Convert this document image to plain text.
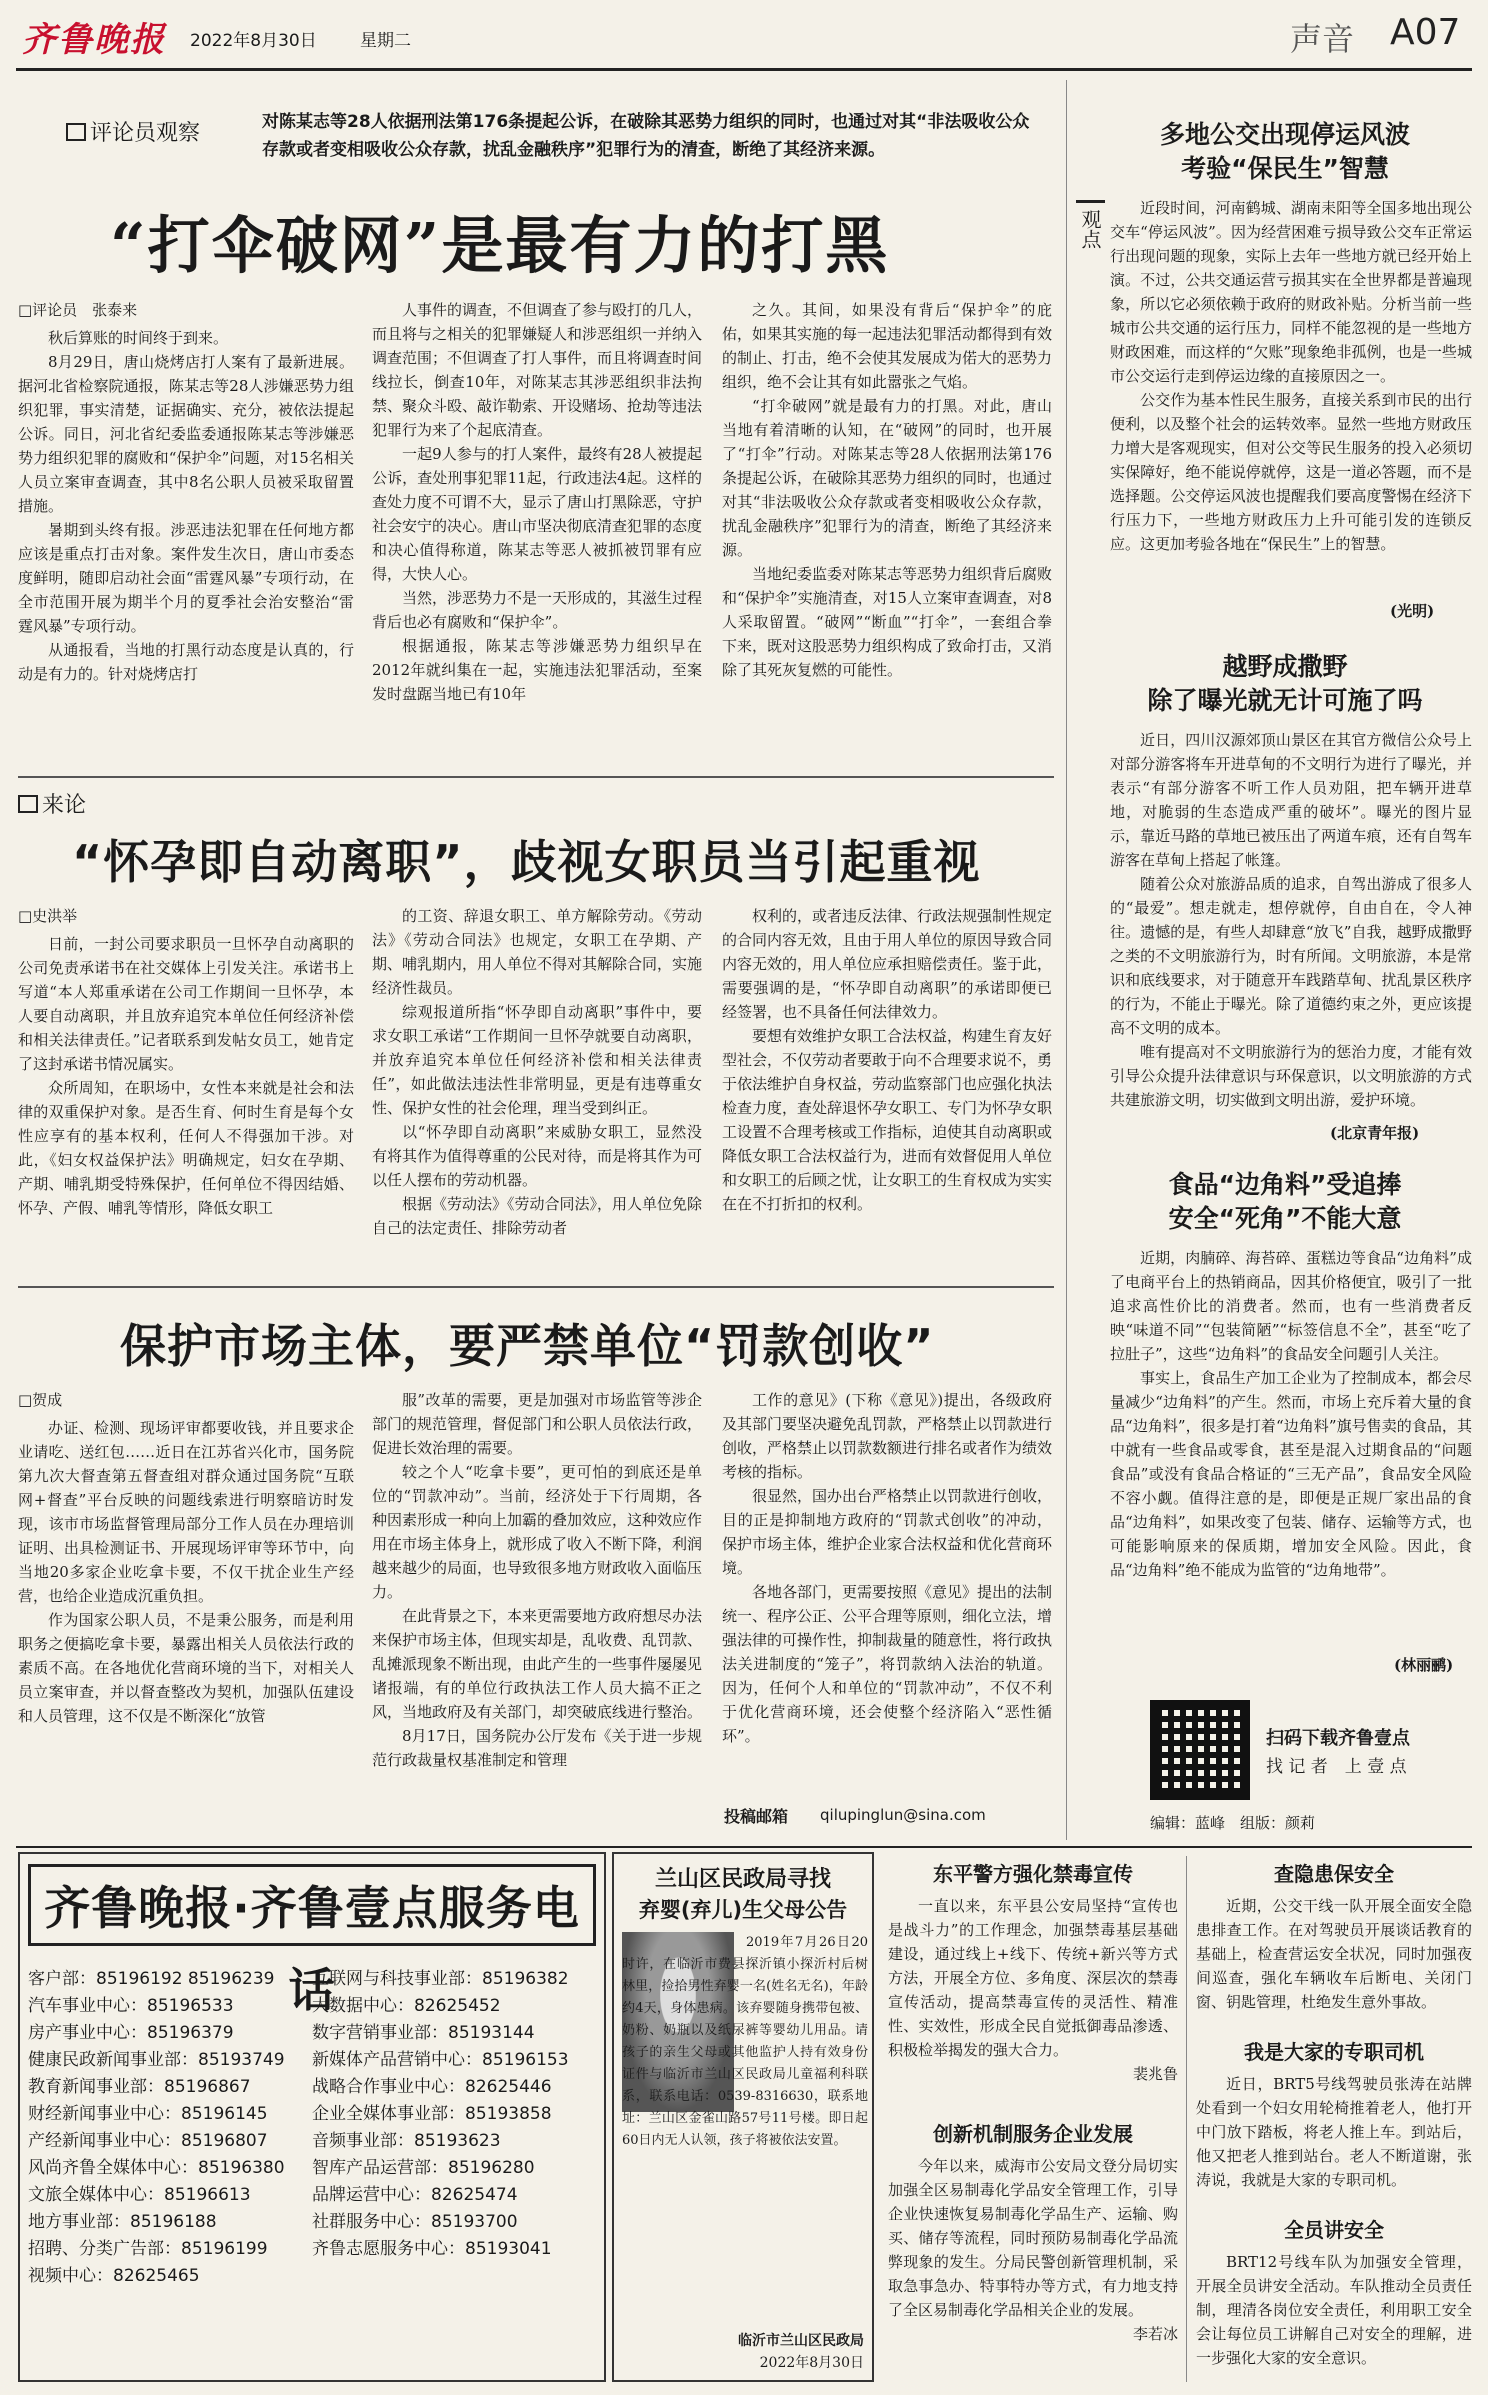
齐鲁晚报 2022年8月30日	星期二	声音 A07
评论员观察	对陈某志等28人依据刑法第176条提起公诉，在破除其恶势力组织的同时，也通过对其“非法吸收公众存款或者变相吸收公众存款，扰乱金融秩序”犯罪行为的清查，断绝了其经济来源。
“打伞破网”是最有力的打黑

□评论员　张泰来

秋后算账的时间终于到来。

8月29日，唐山烧烤店打人案有了最新进展。据河北省检察院通报，陈某志等28人涉嫌恶势力组织犯罪，事实清楚，证据确实、充分，被依法提起公诉。同日，河北省纪委监委通报陈某志等涉嫌恶势力组织犯罪的腐败和“保护伞”问题，对15名相关人员立案审查调查，其中8名公职人员被采取留置措施。

暑期到头终有报。涉恶违法犯罪在任何地方都应该是重点打击对象。案件发生次日，唐山市委态度鲜明，随即启动社会面“雷霆风暴”专项行动，在全市范围开展为期半个月的夏季社会治安整治“雷霆风暴”专项行动。

从通报看，当地的打黑行动态度是认真的，行动是有力的。针对烧烤店打

人事件的调查，不但调查了参与殴打的几人，而且将与之相关的犯罪嫌疑人和涉恶组织一并纳入调查范围；不但调查了打人事件，而且将调查时间线拉长，倒查10年，对陈某志其涉恶组织非法拘禁、聚众斗殴、敲诈勒索、开设赌场、抢劫等违法犯罪行为来了个起底清查。

一起9人参与的打人案件，最终有28人被提起公诉，查处刑事犯罪11起，行政违法4起。这样的查处力度不可谓不大，显示了唐山打黑除恶，守护社会安宁的决心。唐山市坚决彻底清查犯罪的态度和决心值得称道，陈某志等恶人被抓被罚罪有应得，大快人心。

当然，涉恶势力不是一天形成的，其滋生过程背后也必有腐败和“保护伞”。

根据通报，陈某志等涉嫌恶势力组织早在2012年就纠集在一起，实施违法犯罪活动，至案发时盘踞当地已有10年

之久。其间，如果没有背后“保护伞”的庇佑，如果其实施的每一起违法犯罪活动都得到有效的制止、打击，绝不会使其发展成为偌大的恶势力组织，绝不会让其有如此嚣张之气焰。

“打伞破网”就是最有力的打黑。对此，唐山当地有着清晰的认知，在“破网”的同时，也开展了“打伞”行动。对陈某志等28人依据刑法第176条提起公诉，在破除其恶势力组织的同时，也通过对其“非法吸收公众存款或者变相吸收公众存款，扰乱金融秩序”犯罪行为的清查，断绝了其经济来源。

当地纪委监委对陈某志等恶势力组织背后腐败和“保护伞”实施清查，对15人立案审查调查，对8人采取留置。“破网”“断血”“打伞”，一套组合拳下来，既对这股恶势力组织构成了致命打击，又消除了其死灰复燃的可能性。

来论
“怀孕即自动离职”，歧视女职员当引起重视

□史洪举

日前，一封公司要求职员一旦怀孕自动离职的公司免责承诺书在社交媒体上引发关注。承诺书上写道“本人郑重承诺在公司工作期间一旦怀孕，本人要自动离职，并且放弃追究本单位任何经济补偿和相关法律责任。”记者联系到发帖女员工，她肯定了这封承诺书情况属实。

众所周知，在职场中，女性本来就是社会和法律的双重保护对象。是否生育、何时生育是每个女性应享有的基本权利，任何人不得强加干涉。对此，《妇女权益保护法》明确规定，妇女在孕期、产期、哺乳期受特殊保护，任何单位不得因结婚、怀孕、产假、哺乳等情形，降低女职工

的工资、辞退女职工、单方解除劳动。《劳动法》《劳动合同法》也规定，女职工在孕期、产期、哺乳期内，用人单位不得对其解除合同，实施经济性裁员。

综观报道所指“怀孕即自动离职”事件中，要求女职工承诺“工作期间一旦怀孕就要自动离职，并放弃追究本单位任何经济补偿和相关法律责任”，如此做法违法性非常明显，更是有违尊重女性、保护女性的社会伦理，理当受到纠正。

以“怀孕即自动离职”来威胁女职工，显然没有将其作为值得尊重的公民对待，而是将其作为可以任人摆布的劳动机器。

根据《劳动法》《劳动合同法》，用人单位免除自己的法定责任、排除劳动者

权利的，或者违反法律、行政法规强制性规定的合同内容无效，且由于用人单位的原因导致合同内容无效的，用人单位应承担赔偿责任。鉴于此，需要强调的是，“怀孕即自动离职”的承诺即便已经签署，也不具备任何法律效力。

要想有效维护女职工合法权益，构建生育友好型社会，不仅劳动者要敢于向不合理要求说不，勇于依法维护自身权益，劳动监察部门也应强化执法检查力度，查处辞退怀孕女职工、专门为怀孕女职工设置不合理考核或工作指标，迫使其自动离职或降低女职工合法权益行为，进而有效督促用人单位和女职工的后顾之忧，让女职工的生育权成为实实在在不打折扣的权利。

保护市场主体，要严禁单位“罚款创收”

□贺成

办证、检测、现场评审都要收钱，并且要求企业请吃、送红包……近日在江苏省兴化市，国务院第九次大督查第五督查组对群众通过国务院“互联网+督查”平台反映的问题线索进行明察暗访时发现，该市市场监督管理局部分工作人员在办理培训证明、出具检测证书、开展现场评审等环节中，向当地20多家企业吃拿卡要，不仅干扰企业生产经营，也给企业造成沉重负担。

作为国家公职人员，不是秉公服务，而是利用职务之便搞吃拿卡要，暴露出相关人员依法行政的素质不高。在各地优化营商环境的当下，对相关人员立案审查，并以督查整改为契机，加强队伍建设和人员管理，这不仅是不断深化“放管

服”改革的需要，更是加强对市场监管等涉企部门的规范管理，督促部门和公职人员依法行政，促进长效治理的需要。

较之个人“吃拿卡要”，更可怕的到底还是单位的“罚款冲动”。当前，经济处于下行周期，各种因素形成一种向上加霸的叠加效应，这种效应作用在市场主体身上，就形成了收入不断下降，利润越来越少的局面，也导致很多地方财政收入面临压力。

在此背景之下，本来更需要地方政府想尽办法来保护市场主体，但现实却是，乱收费、乱罚款、乱摊派现象不断出现，由此产生的一些事件屡屡见诸报端，有的单位行政执法工作人员大搞不正之风，当地政府及有关部门，却突破底线进行整治。

8月17日，国务院办公厅发布《关于进一步规范行政裁量权基准制定和管理

工作的意见》(下称《意见》)提出，各级政府及其部门要坚决避免乱罚款，严格禁止以罚款进行创收，严格禁止以罚款数额进行排名或者作为绩效考核的指标。

很显然，国办出台严格禁止以罚款进行创收，目的正是抑制地方政府的“罚款式创收”的冲动，保护市场主体，维护企业家合法权益和优化营商环境。

各地各部门，更需要按照《意见》提出的法制统一、程序公正、公平合理等原则，细化立法，增强法律的可操作性，抑制裁量的随意性，将行政执法关进制度的“笼子”，将罚款纳入法治的轨道。因为，任何个人和单位的“罚款冲动”，不仅不利于优化营商环境，还会使整个经济陷入“恶性循环”。

投稿邮箱 qilupinglun@sina.com
观点
多地公交出现停运风波
考验“保民生”智慧

近段时间，河南鹤城、湖南耒阳等全国多地出现公交车“停运风波”。因为经营困难亏损导致公交车正常运行出现问题的现象，实际上去年一些地方就已经开始上演。不过，公共交通运营亏损其实在全世界都是普遍现象，所以它必须依赖于政府的财政补贴。分析当前一些城市公共交通的运行压力，同样不能忽视的是一些地方财政困难，而这样的“欠账”现象绝非孤例，也是一些城市公交运行走到停运边缘的直接原因之一。

公交作为基本性民生服务，直接关系到市民的出行便利，以及整个社会的运转效率。显然一些地方财政压力增大是客观现实，但对公交等民生服务的投入必须切实保障好，绝不能说停就停，这是一道必答题，而不是选择题。公交停运风波也提醒我们要高度警惕在经济下行压力下，一些地方财政压力上升可能引发的连锁反应。这更加考验各地在“保民生”上的智慧。

(光明)
越野成撒野
除了曝光就无计可施了吗

近日，四川汉源郊顶山景区在其官方微信公众号上对部分游客将车开进草甸的不文明行为进行了曝光，并表示“有部分游客不听工作人员劝阻，把车辆开进草地，对脆弱的生态造成严重的破坏”。曝光的图片显示，靠近马路的草地已被压出了两道车痕，还有自驾车游客在草甸上搭起了帐篷。

随着公众对旅游品质的追求，自驾出游成了很多人的“最爱”。想走就走，想停就停，自由自在，令人神往。遗憾的是，有些人却肆意“放飞”自我，越野成撒野之类的不文明旅游行为，时有所闻。文明旅游，本是常识和底线要求，对于随意开车践踏草甸、扰乱景区秩序的行为，不能止于曝光。除了道德约束之外，更应该提高不文明的成本。

唯有提高对不文明旅游行为的惩治力度，才能有效引导公众提升法律意识与环保意识，以文明旅游的方式共建旅游文明，切实做到文明出游，爱护环境。

(北京青年报)
食品“边角料”受追捧
安全“死角”不能大意

近期，肉腩碎、海苔碎、蛋糕边等食品“边角料”成了电商平台上的热销商品，因其价格便宜，吸引了一批追求高性价比的消费者。然而，也有一些消费者反映“味道不同”“包装简陋”“标签信息不全”，甚至“吃了拉肚子”，这些“边角料”的食品安全问题引人关注。

事实上，食品生产加工企业为了控制成本，都会尽量减少“边角料”的产生。然而，市场上充斥着大量的食品“边角料”，很多是打着“边角料”旗号售卖的食品，其中就有一些食品或零食，甚至是混入过期食品的“问题食品”或没有食品合格证的“三无产品”，食品安全风险不容小觑。值得注意的是，即便是正规厂家出品的食品“边角料”，如果改变了包装、储存、运输等方式，也可能影响原来的保质期，增加安全风险。因此，食品“边角料”绝不能成为监管的“边角地带”。

(林丽鹂)
扫码下载齐鲁壹点
找 记 者　上 壹 点
编辑：蓝峰　组版：颜莉
齐鲁晚报·齐鲁壹点服务电话
客户部：85196192 85196239
汽车事业中心：85196533
房产事业中心：85196379
健康民政新闻事业部：85193749
教育新闻事业部：85196867
财经新闻事业中心：85196145
产经新闻事业中心：85196807
风尚齐鲁全媒体中心：85196380
文旅全媒体中心：85196613
地方事业部：85196188
招聘、分类广告部：85196199
视频中心：82625465
互联网与科技事业部：85196382
大数据中心：82625452
数字营销事业部：85193144
新媒体产品营销中心：85196153
战略合作事业中心：82625446
企业全媒体事业部：85193858
音频事业部：85193623
智库产品运营部：85196280
品牌运营中心：82625474
社群服务中心：85193700
齐鲁志愿服务中心：85193041
兰山区民政局寻找
弃婴(弃儿)生父母公告
2019年7月26日20时许，在临沂市费县探沂镇小探沂村后树林里，捡拾男性弃婴一名(姓名无名)，年龄约4天，身体患病。该弃婴随身携带包被、奶粉、奶瓶以及纸尿裤等婴幼儿用品。请孩子的亲生父母或其他监护人持有效身份证件与临沂市兰山区民政局儿童福利科联系，联系电话：0539-8316630，联系地址：兰山区金雀山路57号11号楼。即日起60日内无人认领，孩子将被依法安置。
临沂市兰山区民政局
2022年8月30日
东平警方强化禁毒宣传

一直以来，东平县公安局坚持“宣传也是战斗力”的工作理念，加强禁毒基层基础建设，通过线上+线下、传统+新兴等方式方法，开展全方位、多角度、深层次的禁毒宣传活动，提高禁毒宣传的灵活性、精准性、实效性，形成全民自觉抵御毒品渗透、积极检举揭发的强大合力。

裴兆鲁
创新机制服务企业发展

今年以来，威海市公安局文登分局切实加强全区易制毒化学品安全管理工作，引导企业快速恢复易制毒化学品生产、运输、购买、储存等流程，同时预防易制毒化学品流弊现象的发生。分局民警创新管理机制，采取急事急办、特事特办等方式，有力地支持了全区易制毒化学品相关企业的发展。

李若冰
查隐患保安全

近期，公交干线一队开展全面安全隐患排查工作。在对驾驶员开展谈话教育的基础上，检查营运安全状况，同时加强夜间巡查，强化车辆收车后断电、关闭门窗、钥匙管理，杜绝发生意外事故。

我是大家的专职司机

近日，BRT5号线驾驶员张涛在站牌处看到一个妇女用轮椅推着老人，他打开中门放下踏板，将老人推上车。到站后，他又把老人推到站台。老人不断道谢，张涛说，我就是大家的专职司机。

全员讲安全

BRT12号线车队为加强安全管理，开展全员讲安全活动。车队推动全员责任制，理清各岗位安全责任，利用职工安全会让每位员工讲解自己对安全的理解，进一步强化大家的安全意识。
